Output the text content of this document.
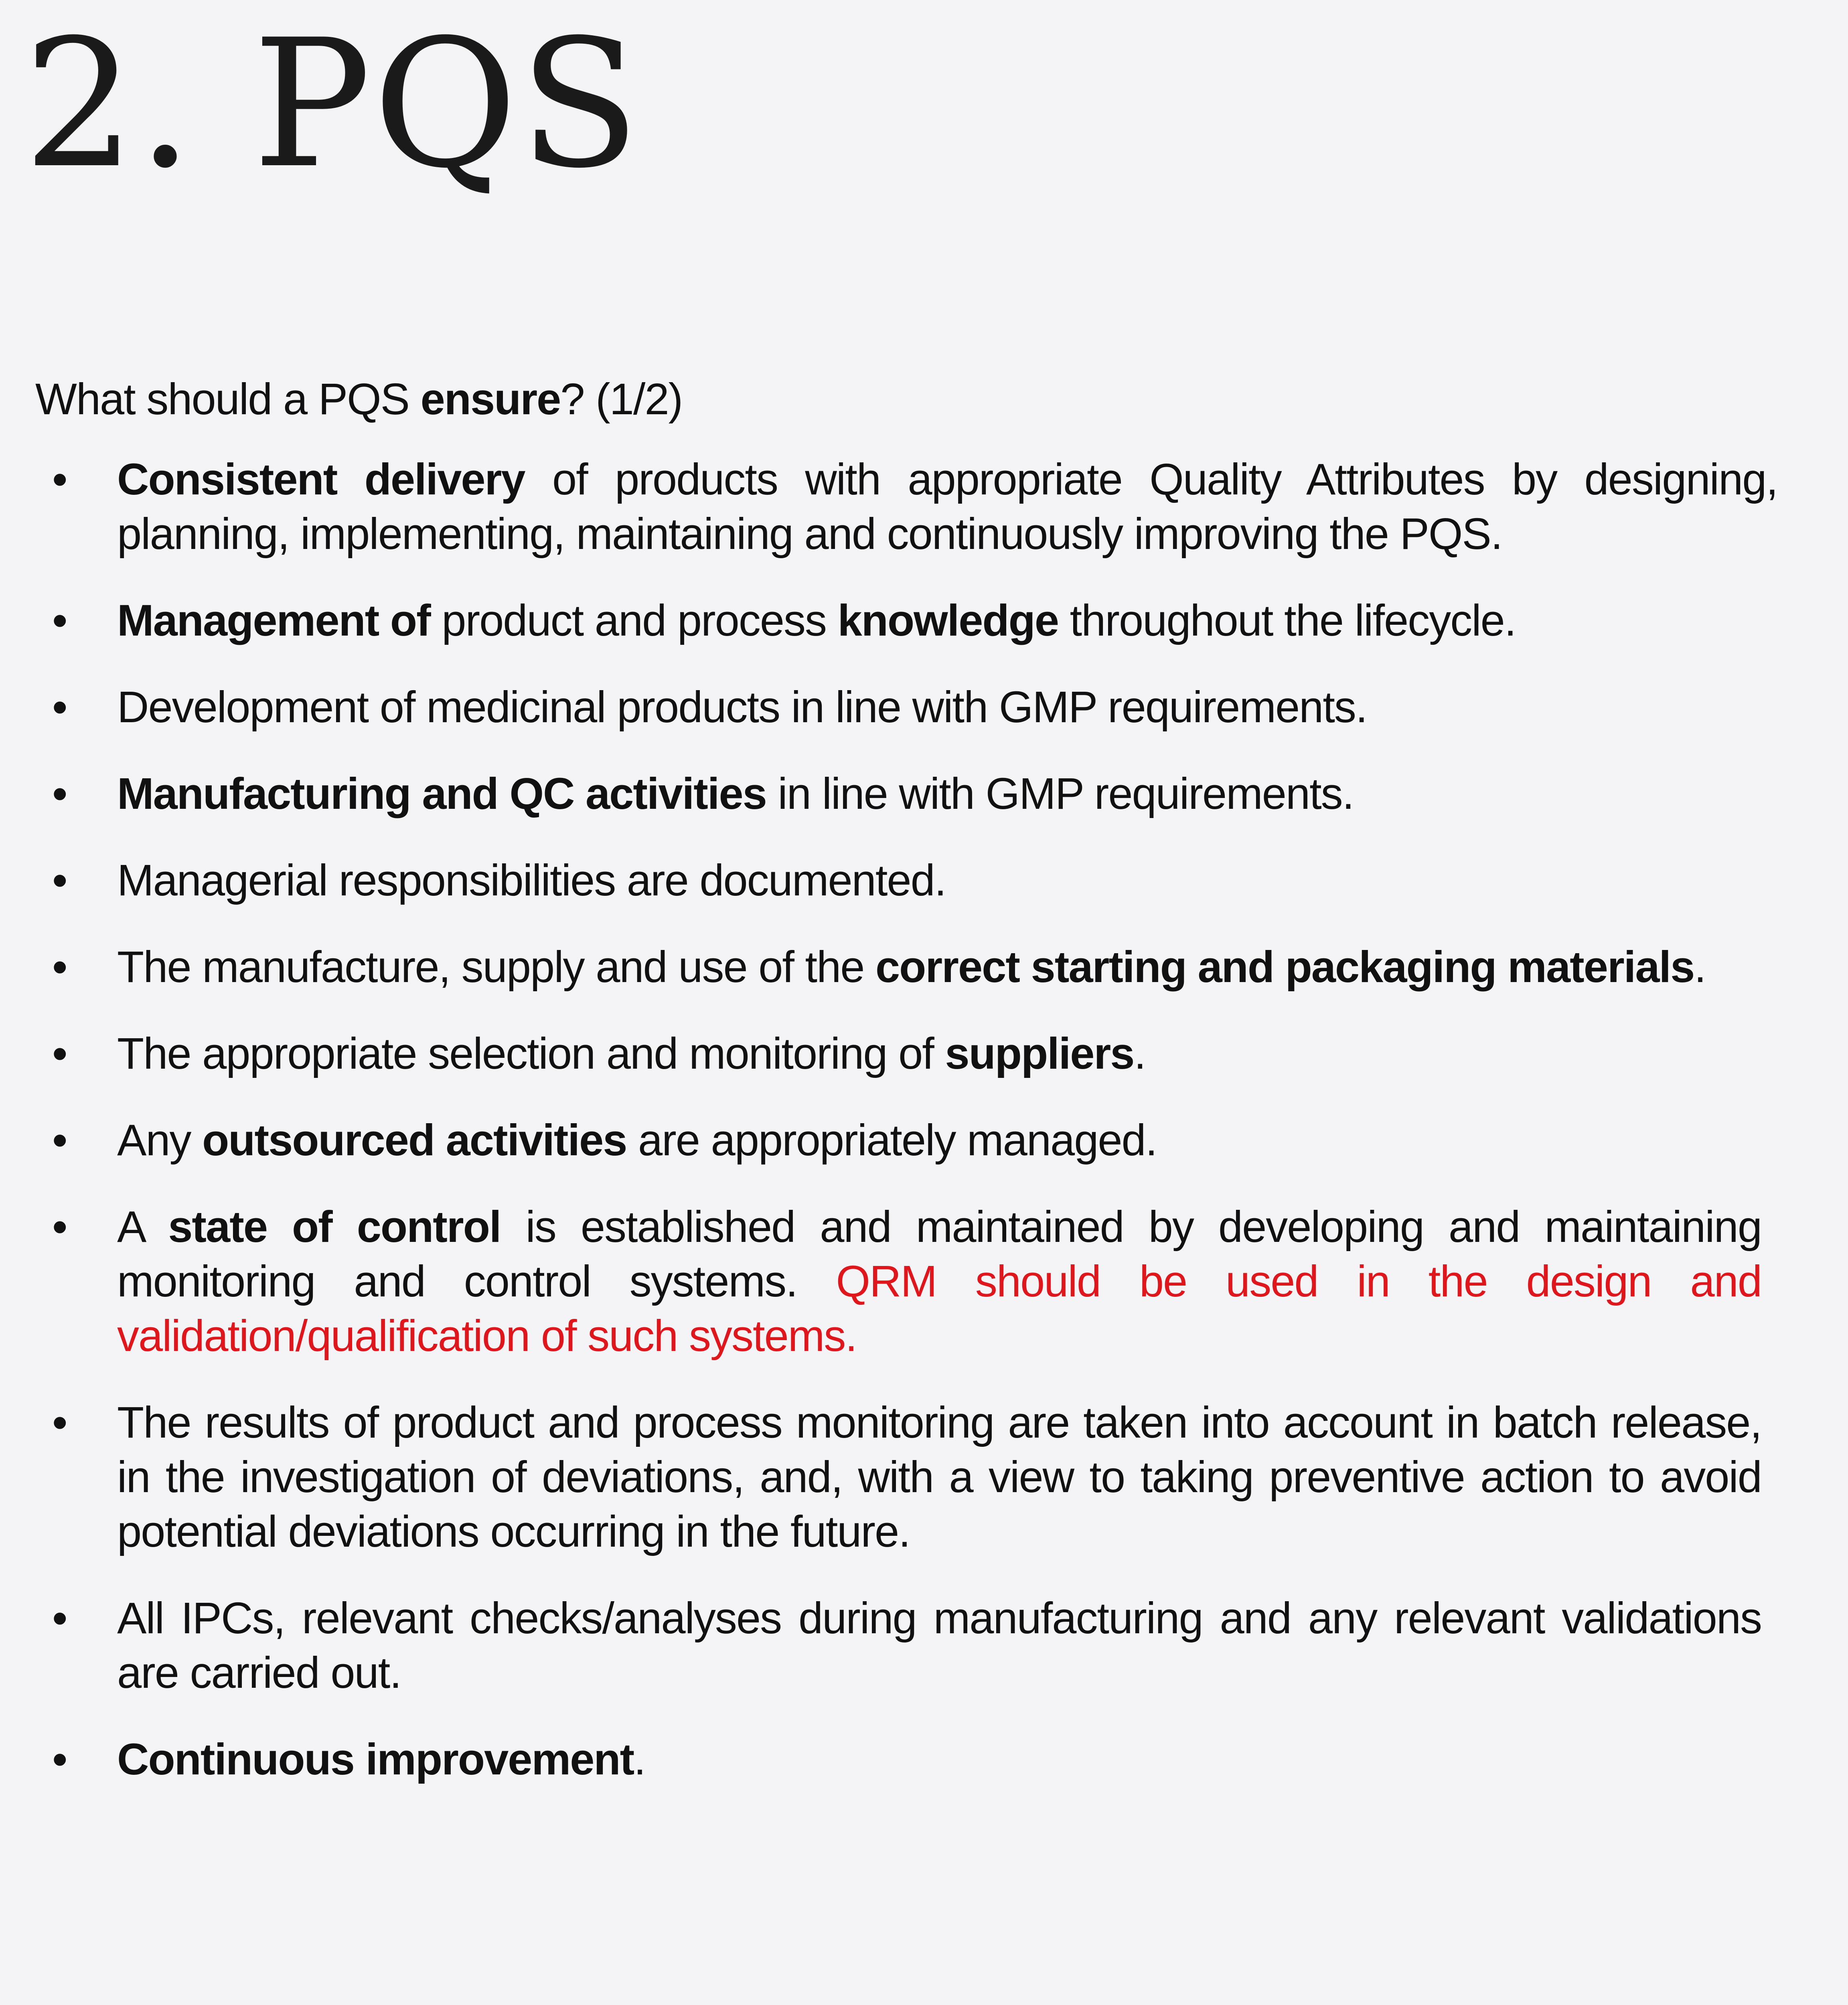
2. PQS

What should a PQS ensure? (1/2)

• Consistent delivery of products with appropriate Quality Attributes by designing, planning, implementing, maintaining and continuously improving the PQS.
• Management of product and process knowledge throughout the lifecycle.
• Development of medicinal products in line with GMP requirements.
• Manufacturing and QC activities in line with GMP requirements.
• Managerial responsibilities are documented.
• The manufacture, supply and use of the correct starting and packaging materials.
• The appropriate selection and monitoring of suppliers.
• Any outsourced activities are appropriately managed.
• A state of control is established and maintained by developing and maintaining monitoring and control systems. QRM should be used in the design and validation/qualification of such systems.
• The results of product and process monitoring are taken into account in batch release, in the investigation of deviations, and, with a view to taking preventive action to avoid potential deviations occurring in the future.
• All IPCs, relevant checks/analyses during manufacturing and any relevant validations are carried out.
• Continuous improvement.
